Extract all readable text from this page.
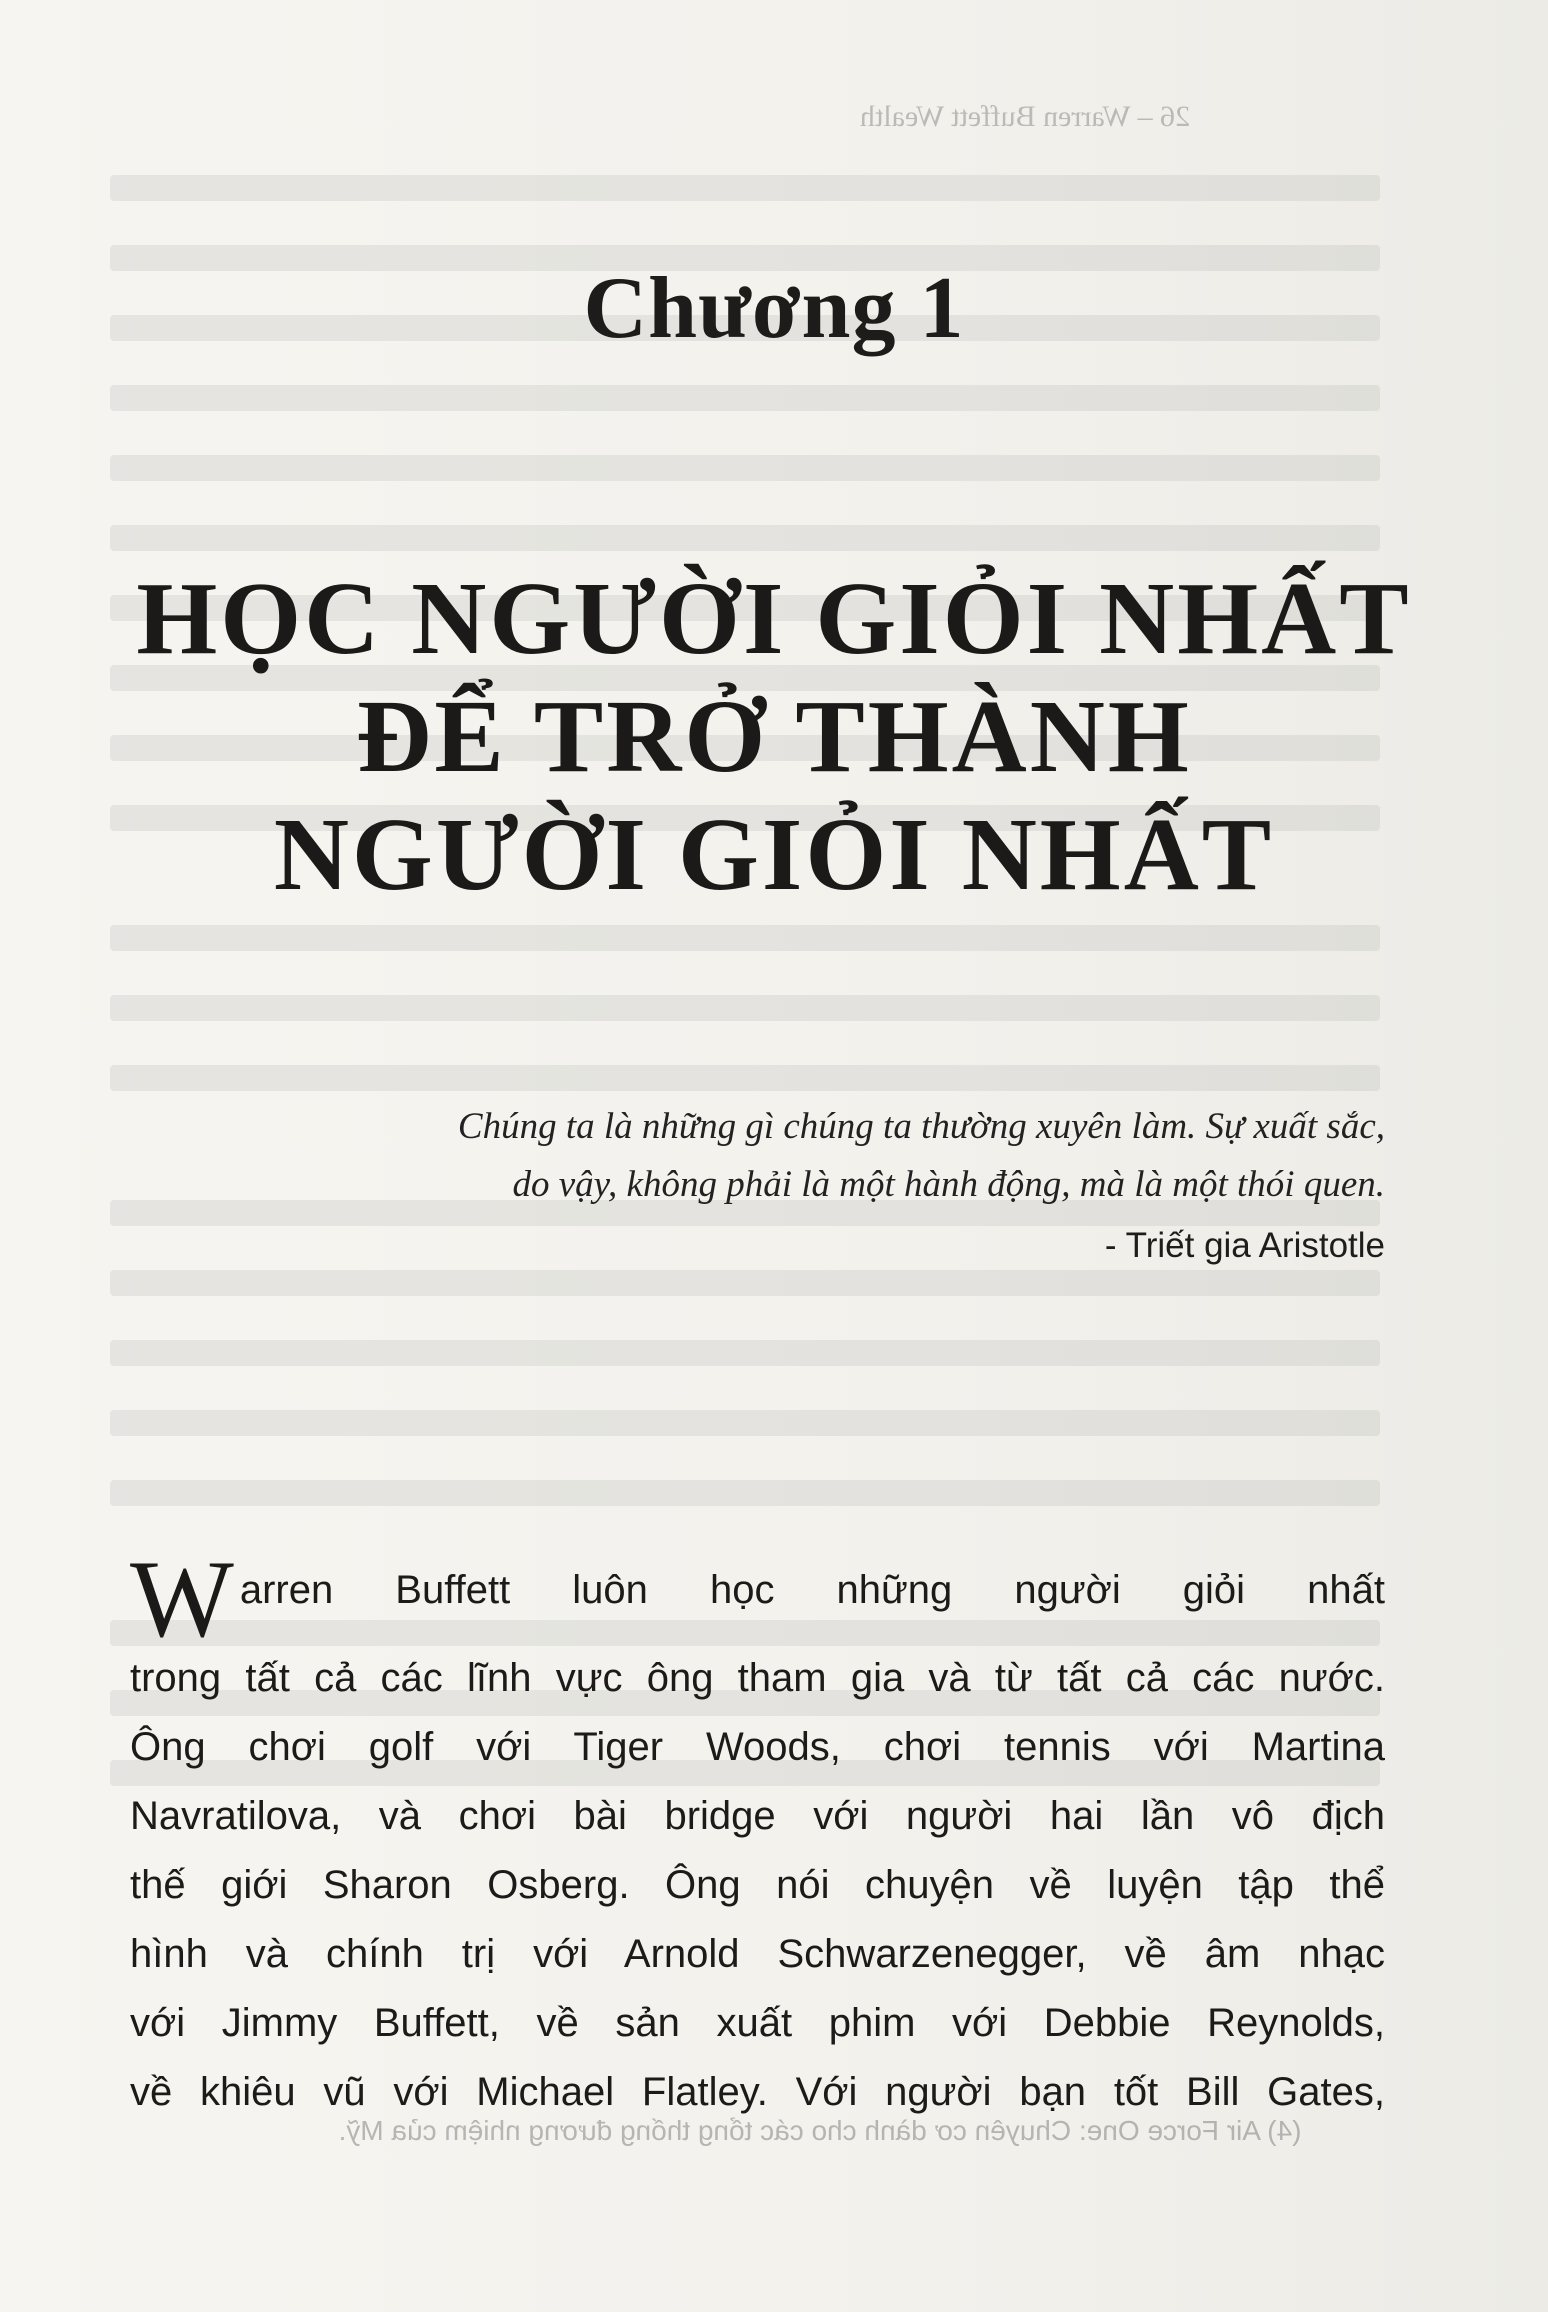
26 – Warren Buffett Wealth
Chương 1
HỌC NGƯỜI GIỎI NHẤT
ĐỂ TRỞ THÀNH
NGƯỜI GIỎI NHẤT
Chúng ta là những gì chúng ta thường xuyên làm. Sự xuất sắc,
do vậy, không phải là một hành động, mà là một thói quen.
- Triết gia Aristotle
W arren Buffett luôn học những người giỏi nhất
trong tất cả các lĩnh vực ông tham gia và từ tất cả các nước.
Ông chơi golf với Tiger Woods, chơi tennis với Martina
Navratilova, và chơi bài bridge với người hai lần vô địch
thế giới Sharon Osberg. Ông nói chuyện về luyện tập thể
hình và chính trị với Arnold Schwarzenegger, về âm nhạc
với Jimmy Buffett, về sản xuất phim với Debbie Reynolds,
về khiêu vũ với Michael Flatley. Với người bạn tốt Bill Gates,
(4) Air Force One: Chuyên cơ dành cho các tổng thống đương nhiệm của Mỹ.
